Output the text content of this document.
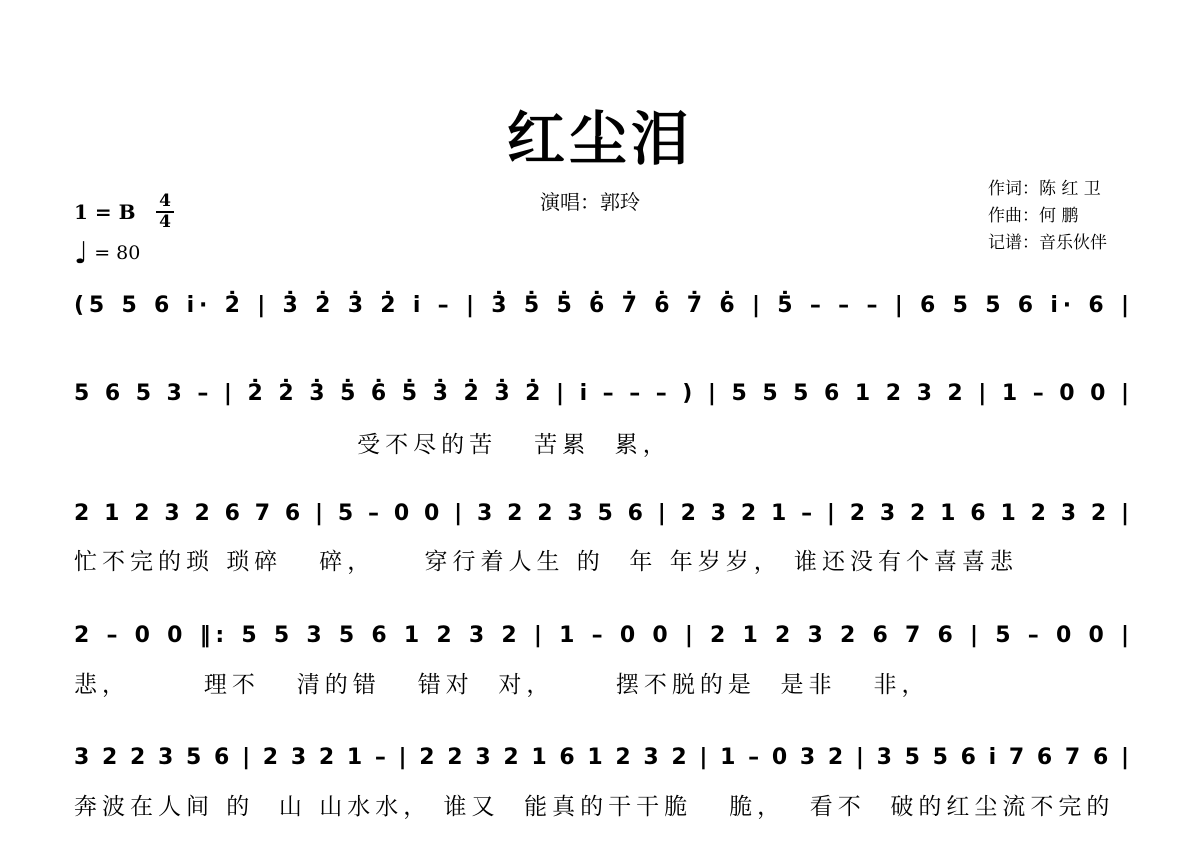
红尘泪
演唱：郭玲
作词：陈 红 卫
作曲：何 鹏
记谱：音乐伙伴
1 = B 4
4
♩ = 80
(5 5 6 i· 2̇ | 3̇ 2̇ 3̇ 2̇ i – | 3̇ 5̇ 5̇ 6̇ 7̇ 6̇ 7̇ 6̇ | 5̇ – – – | 6 5 5 6 i· 6 |
5 6 5 3 – | 2̇ 2̇ 3̇ 5̇ 6̇ 5̇ 3̇ 2̇ 3̇ 2̇ | i – – – ) | 5 5 5 6 1 2 3 2 | 1 – 0 0 |
受不尽的苦   苦累  累，
2 1 2 3 2 6 7 6 | 5 – 0 0 | 3 2 2 3 5 6 | 2 3 2 1 – | 2 3 2 1 6 1 2 3 2 |
忙不完的琐 琐碎   碎，    穿行着人生 的  年 年岁岁， 谁还没有个喜喜悲
2 – 0 0 ‖: 5 5 3 5 6 1 2 3 2 | 1 – 0 0 | 2 1 2 3 2 6 7 6 | 5 – 0 0 |
悲，      理不   清的错   错对  对，     摆不脱的是  是非   非，
3 2 2 3 5 6 | 2 3 2 1 – | 2 2 3 2 1 6 1 2 3 2 | 1 – 0 3 2 | 3 5 5 6 i 7 6 7 6 |
奔波在人间 的  山 山水水， 谁又  能真的干干脆   脆，  看不  破的红尘流不完的
